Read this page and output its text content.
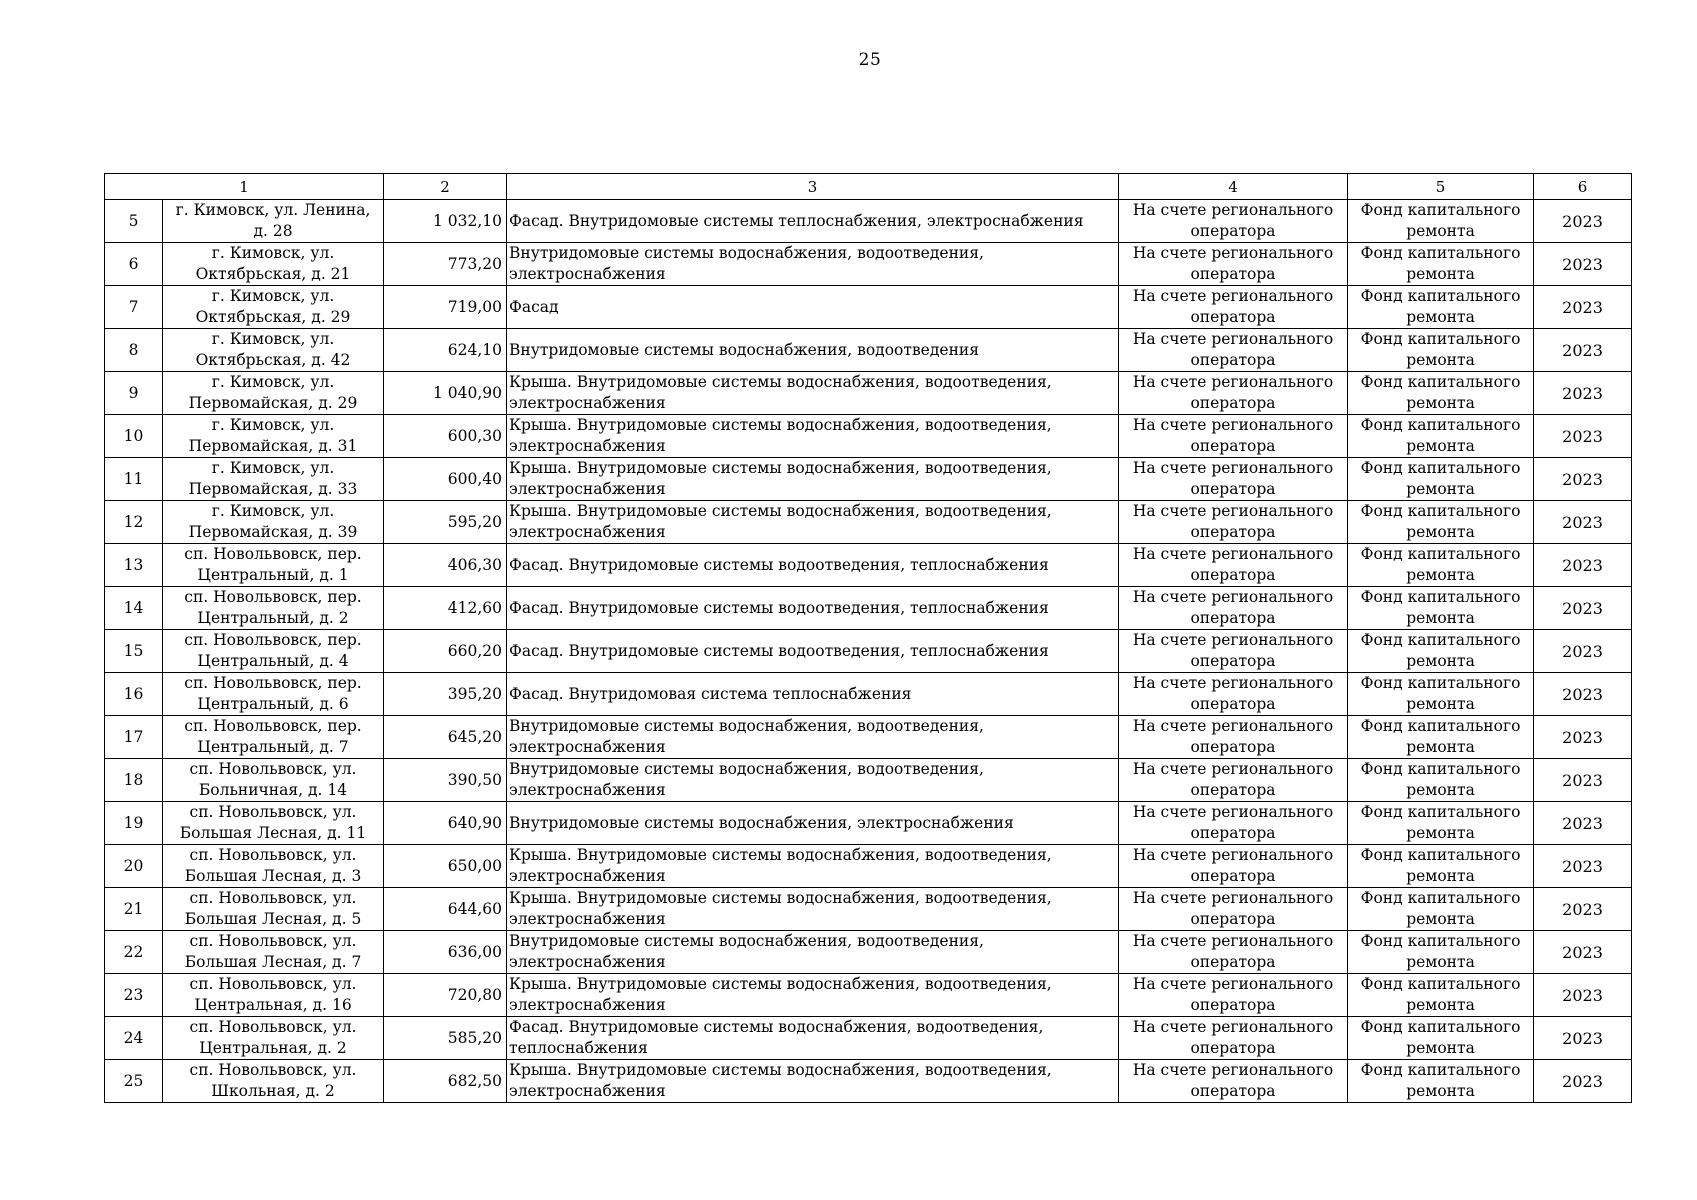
25
1		2	3	4	5	6
5	г. Кимовск, ул. Ленина, д. 28	1 032,10	Фасад. Внутридомовые системы теплоснабжения, электроснабжения	На счете регионального оператора	Фонд капитального ремонта	2023
6	г. Кимовск, ул. Октябрьская, д. 21	773,20	Внутридомовые системы водоснабжения, водоотведения, электроснабжения	На счете регионального оператора	Фонд капитального ремонта	2023
7	г. Кимовск, ул. Октябрьская, д. 29	719,00	Фасад	На счете регионального оператора	Фонд капитального ремонта	2023
8	г. Кимовск, ул. Октябрьская, д. 42	624,10	Внутридомовые системы водоснабжения, водоотведения	На счете регионального оператора	Фонд капитального ремонта	2023
9	г. Кимовск, ул. Первомайская, д. 29	1 040,90	Крыша. Внутридомовые системы водоснабжения, водоотведения, электроснабжения	На счете регионального оператора	Фонд капитального ремонта	2023
10	г. Кимовск, ул. Первомайская, д. 31	600,30	Крыша. Внутридомовые системы водоснабжения, водоотведения, электроснабжения	На счете регионального оператора	Фонд капитального ремонта	2023
11	г. Кимовск, ул. Первомайская, д. 33	600,40	Крыша. Внутридомовые системы водоснабжения, водоотведения, электроснабжения	На счете регионального оператора	Фонд капитального ремонта	2023
12	г. Кимовск, ул. Первомайская, д. 39	595,20	Крыша. Внутридомовые системы водоснабжения, водоотведения, электроснабжения	На счете регионального оператора	Фонд капитального ремонта	2023
13	сп. Новольвовск, пер. Центральный, д. 1	406,30	Фасад. Внутридомовые системы водоотведения, теплоснабжения	На счете регионального оператора	Фонд капитального ремонта	2023
14	сп. Новольвовск, пер. Центральный, д. 2	412,60	Фасад. Внутридомовые системы водоотведения, теплоснабжения	На счете регионального оператора	Фонд капитального ремонта	2023
15	сп. Новольвовск, пер. Центральный, д. 4	660,20	Фасад. Внутридомовые системы водоотведения, теплоснабжения	На счете регионального оператора	Фонд капитального ремонта	2023
16	сп. Новольвовск, пер. Центральный, д. 6	395,20	Фасад. Внутридомовая система теплоснабжения	На счете регионального оператора	Фонд капитального ремонта	2023
17	сп. Новольвовск, пер. Центральный, д. 7	645,20	Внутридомовые системы водоснабжения, водоотведения, электроснабжения	На счете регионального оператора	Фонд капитального ремонта	2023
18	сп. Новольвовск, ул. Больничная, д. 14	390,50	Внутридомовые системы водоснабжения, водоотведения, электроснабжения	На счете регионального оператора	Фонд капитального ремонта	2023
19	сп. Новольвовск, ул. Большая Лесная, д. 11	640,90	Внутридомовые системы водоснабжения, электроснабжения	На счете регионального оператора	Фонд капитального ремонта	2023
20	сп. Новольвовск, ул. Большая Лесная, д. 3	650,00	Крыша. Внутридомовые системы водоснабжения, водоотведения, электроснабжения	На счете регионального оператора	Фонд капитального ремонта	2023
21	сп. Новольвовск, ул. Большая Лесная, д. 5	644,60	Крыша. Внутридомовые системы водоснабжения, водоотведения, электроснабжения	На счете регионального оператора	Фонд капитального ремонта	2023
22	сп. Новольвовск, ул. Большая Лесная, д. 7	636,00	Внутридомовые системы водоснабжения, водоотведения, электроснабжения	На счете регионального оператора	Фонд капитального ремонта	2023
23	сп. Новольвовск, ул. Центральная, д. 16	720,80	Крыша. Внутридомовые системы водоснабжения, водоотведения, электроснабжения	На счете регионального оператора	Фонд капитального ремонта	2023
24	сп. Новольвовск, ул. Центральная, д. 2	585,20	Фасад. Внутридомовые системы водоснабжения, водоотведения, теплоснабжения	На счете регионального оператора	Фонд капитального ремонта	2023
25	сп. Новольвовск, ул. Школьная, д. 2	682,50	Крыша. Внутридомовые системы водоснабжения, водоотведения, электроснабжения	На счете регионального оператора	Фонд капитального ремонта	2023
